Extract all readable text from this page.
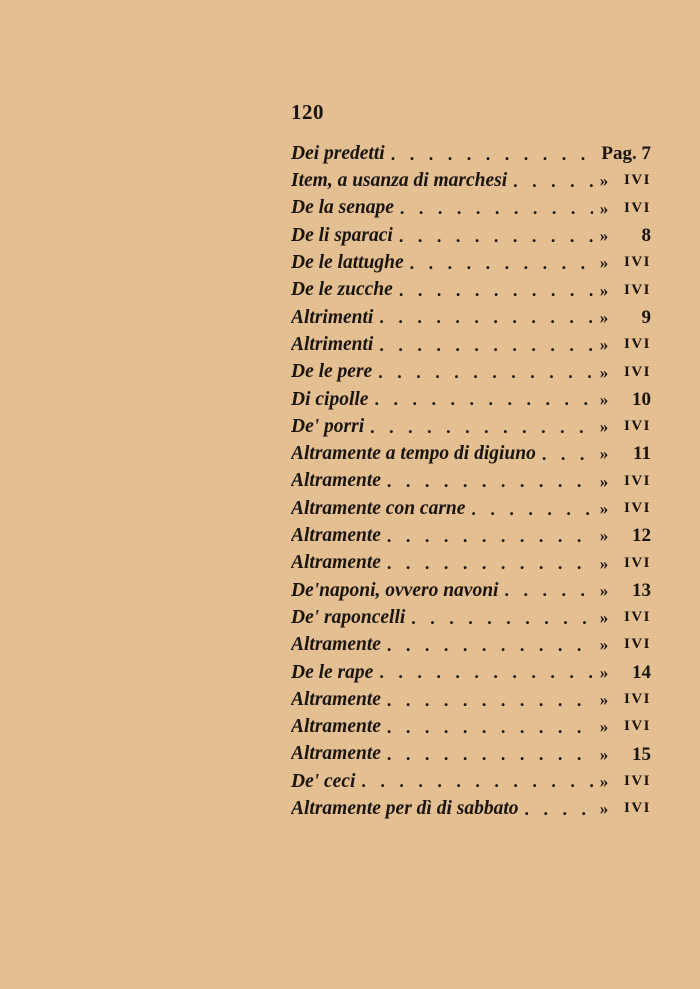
120
Dei predetti . . .	Pag. 7
Item, a usanza di marchesi . . .	»	IVI
De la senape . . .	»	IVI
De li sparaci . . .	»	8
De le lattughe . . .	»	IVI
De le zucche . . .	»	IVI
Altrimenti . . .	»	9
Altrimenti . . .	»	IVI
De le pere . . .	»	IVI
Di cipolle . . .	»	10
De' porri . . .	»	IVI
Altramente a tempo di digiuno . . .	»	11
Altramente . . .	»	IVI
Altramente con carne . . .	»	IVI
Altramente . . .	»	12
Altramente . . .	»	IVI
De'naponi, ovvero navoni . . .	»	13
De' raponcelli . . .	»	IVI
Altramente . . .	»	IVI
De le rape . . .	»	14
Altramente . . .	»	IVI
Altramente . . .	»	IVI
Altramente . . .	»	15
De' ceci . . .	»	IVI
Altramente per dì di sabbato . . .	»	IVI
